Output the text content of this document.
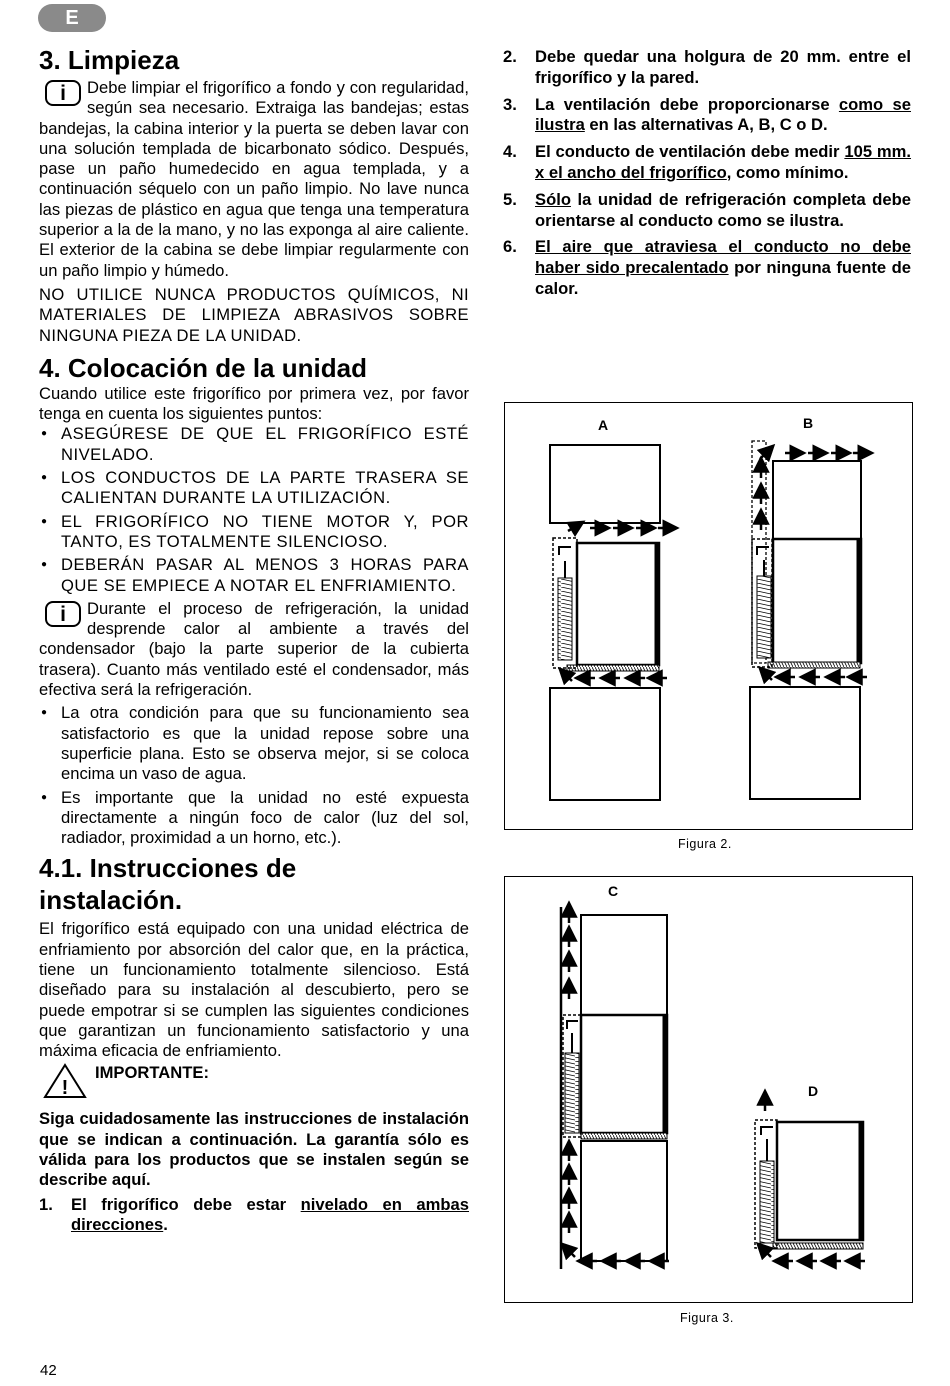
E
3. Limpieza
i	Debe limpiar el frigorífico a fondo y con regularidad, según sea necesario. Extraiga las bandejas; estas bandejas, la cabina interior y la puerta se deben lavar con una solución templada de bicarbonato sódico. Después, pase un paño humedecido en agua templada, y a continuación séquelo con un paño limpio. No lave nunca las piezas de plástico en agua que tenga una temperatura superior a la de la mano, y no las exponga al aire caliente. El exterior de la cabina se debe limpiar regularmente con un paño limpio y húmedo.

NO UTILICE NUNCA PRODUCTOS QUÍMICOS, NI MATERIALES DE LIMPIEZA ABRASIVOS SOBRE NINGUNA PIEZA DE LA UNIDAD.

4. Colocación de la unidad

Cuando utilice este frigorífico por primera vez, por favor tenga en cuenta los siguientes puntos:

● ASEGÚRESE DE QUE EL FRIGORÍFICO ESTÉ NIVELADO.
● LOS CONDUCTOS DE LA PARTE TRASERA SE CALIENTAN DURANTE LA UTILIZACIÓN.
● EL FRIGORÍFICO NO TIENE MOTOR Y, POR TANTO, ES TOTALMENTE SILENCIOSO.
● DEBERÁN PASAR AL MENOS 3 HORAS PARA QUE SE EMPIECE A NOTAR EL ENFRIAMIENTO.
i	Durante el proceso de refrigeración, la unidad desprende calor al ambiente a través del condensador (bajo la parte superior de la cubierta trasera). Cuanto más ventilado esté el condensador, más efectiva será la refrigeración.

● La otra condición para que su funcionamiento sea satisfactorio es que la unidad repose sobre una superficie plana. Esto se observa mejor, si se coloca encima un vaso de agua.
● Es importante que la unidad no esté expuesta directamente a ningún foco de calor (luz del sol, radiador, proximidad a un horno, etc.).
4.1. Instrucciones de
instalación.

El frigorífico está equipado con una unidad eléctrica de enfriamiento por absorción del calor que, en la práctica, tiene un funcionamiento totalmente silencioso. Está diseñado para su instalación al descubierto, pero se puede empotrar si se cumplen las siguientes condiciones que garantizan un funcionamiento satisfactorio y una máxima eficacia de enfriamiento.

!
IMPORTANTE:

Siga cuidadosamente las instrucciones de instalación que se indican a continuación. La garantía sólo es válida para los productos que se instalen según se describe aquí.

1. El frigorífico debe estar nivelado en ambas direcciones.
2. Debe quedar una holgura de 20 mm. entre el frigorífico y la pared.
3. La ventilación debe proporcionarse como se ilustra en las alternativas A, B, C o D.
4. El conducto de ventilación debe medir 105 mm. x el ancho del frigorífico, como mínimo.
5. Sólo la unidad de refrigeración completa debe orientarse al conducto como se ilustra.
6. El aire que atraviesa el conducto no debe haber sido precalentado por ninguna fuente de calor.
A	B
Figura 2.
C
D
Figura 3.
42
